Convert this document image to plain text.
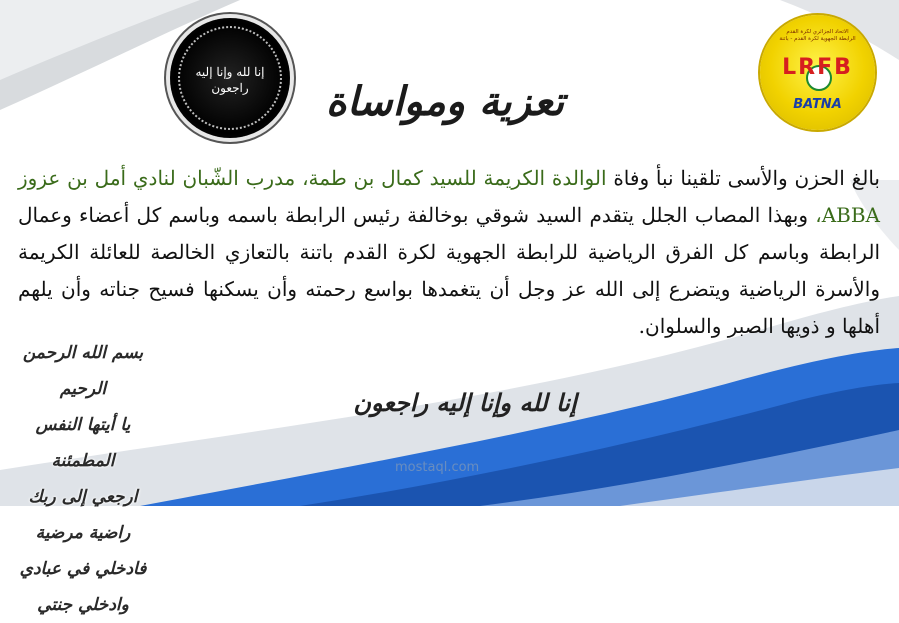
إنا لله وإنا إليه
راجعون	تعزية ومواساة
الاتحاد الجزائري لكرة القدم
الرابطة الجهوية لكرة القدم - باتنة
LRFB
BATNA
بالغ الحزن والأسى تلقينا نبأ وفاة الوالدة الكريمة للسيد كمال بن طمة، مدرب الشّبان لنادي أمل بن عزوز ABBA، وبهذا المصاب الجلل يتقدم السيد شوقي بوخالفة رئيس الرابطة باسمه وباسم كل أعضاء وعمال الرابطة وباسم كل الفرق الرياضية للرابطة الجهوية لكرة القدم باتنة بالتعازي الخالصة للعائلة الكريمة والأسرة الرياضية ويتضرع إلى الله عز وجل أن يتغمدها بواسع رحمته وأن يسكنها فسيح جناته وأن يلهم أهلها و ذويها الصبر والسلوان.
إنا لله وإنا إليه راجعون
بسم الله الرحمن الرحيم
يا أيتها النفس المطمئنة
ارجعي إلى ربك راضية مرضية
فادخلي في عبادي وادخلي جنتي
mostaql.com
